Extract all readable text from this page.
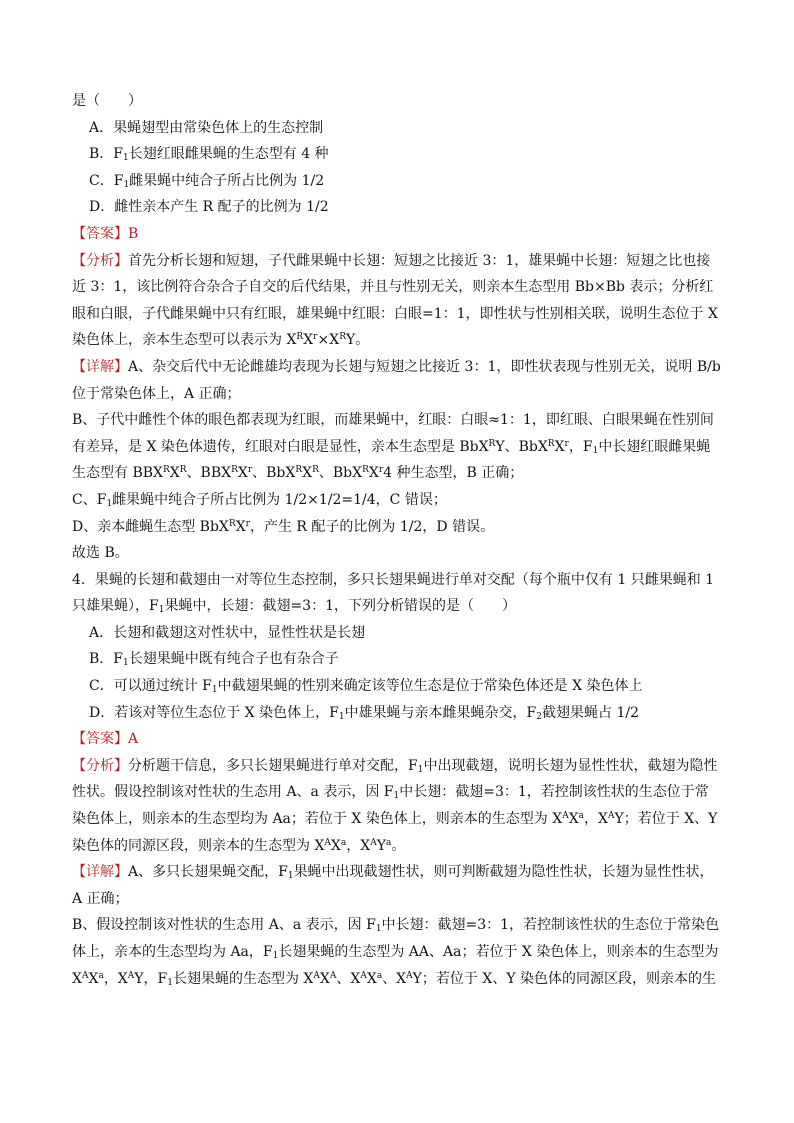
是（　　）

A．果蝇翅型由常染色体上的生态控制

B．$F_1$长翅红眼雌果蝇的生态型有 4 种

C．$F_1$雌果蝇中纯合子所占比例为 1/2

D．雌性亲本产生 R 配子的比例为 1/2

【答案】B

【分析】首先分析长翅和短翅，子代雌果蝇中长翅：短翅之比接近 3：1，雄果蝇中长翅：短翅之比也接近 3：1，该比例符合杂合子自交的后代结果，并且与性别无关，则亲本生态型用 Bb×Bb 表示；分析红眼和白眼，子代雌果蝇中只有红眼，雄果蝇中红眼：白眼=1：1，即性状与性别相关联，说明生态位于 X 染色体上，亲本生态型可以表示为 $X^RX^r\times X^RY$。

【详解】A、杂交后代中无论雌雄均表现为长翅与短翅之比接近 3：1，即性状表现与性别无关，说明 B/b 位于常染色体上，A 正确；

B、子代中雌性个体的眼色都表现为红眼，而雄果蝇中，红眼：白眼≈1：1，即红眼、白眼果蝇在性别间有差异，是 X 染色体遗传，红眼对白眼是显性，亲本生态型是 BbX$^R$Y、$BbX^RX^r$，$F_1$中长翅红眼雌果蝇生态型有 $BBX^RX^R$、$BBX^RX^r$、$BbX^RX^R$、$BbX^RX^r4$ 种生态型，B 正确；

C、$F_1$雌果蝇中纯合子所占比例为 1/2×1/2=1/4，C 错误；

D、亲本雌蝇生态型 $BbX^RX^r$，产生 R 配子的比例为 1/2，D 错误。

故选 B。

4．果蝇的长翅和截翅由一对等位生态控制，多只长翅果蝇进行单对交配（每个瓶中仅有 1 只雌果蝇和 1 只雄果蝇），$F_1$果蝇中，长翅：截翅=3：1，下列分析错误的是（　　）

A．长翅和截翅这对性状中，显性性状是长翅

B．$F_1$长翅果蝇中既有纯合子也有杂合子

C．可以通过统计 $F_1$中截翅果蝇的性别来确定该等位生态是位于常染色体还是 X 染色体上

D．若该对等位生态位于 X 染色体上，$F_1$中雄果蝇与亲本雌果蝇杂交，$F_2$截翅果蝇占 1/2

【答案】A

【分析】分析题干信息，多只长翅果蝇进行单对交配，$F_1$中出现截翅，说明长翅为显性性状，截翅为隐性性状。假设控制该对性状的生态用 A、a 表示，因 $F_1$中长翅：截翅=3：1，若控制该性状的生态位于常染色体上，则亲本的生态型均为 Aa；若位于 X 染色体上，则亲本的生态型为 $X^AX^a$，$X^AY$；若位于 X、Y 染色体的同源区段，则亲本的生态型为 $X^AX^a$，$X^AY^a$。

【详解】A、多只长翅果蝇交配，$F_1$果蝇中出现截翅性状，则可判断截翅为隐性性状，长翅为显性性状，A 正确；

B、假设控制该对性状的生态用 A、a 表示，因 $F_1$中长翅：截翅=3：1，若控制该性状的生态位于常染色体上，亲本的生态型均为 Aa，$F_1$长翅果蝇的生态型为 AA、Aa；若位于 X 染色体上，则亲本的生态型为 $X^AX^a$，$X^AY$，$F_1$长翅果蝇的生态型为 $X^AX^A$、$X^AX^a$、$X^AY$；若位于 X、Y 染色体的同源区段，则亲本的生
